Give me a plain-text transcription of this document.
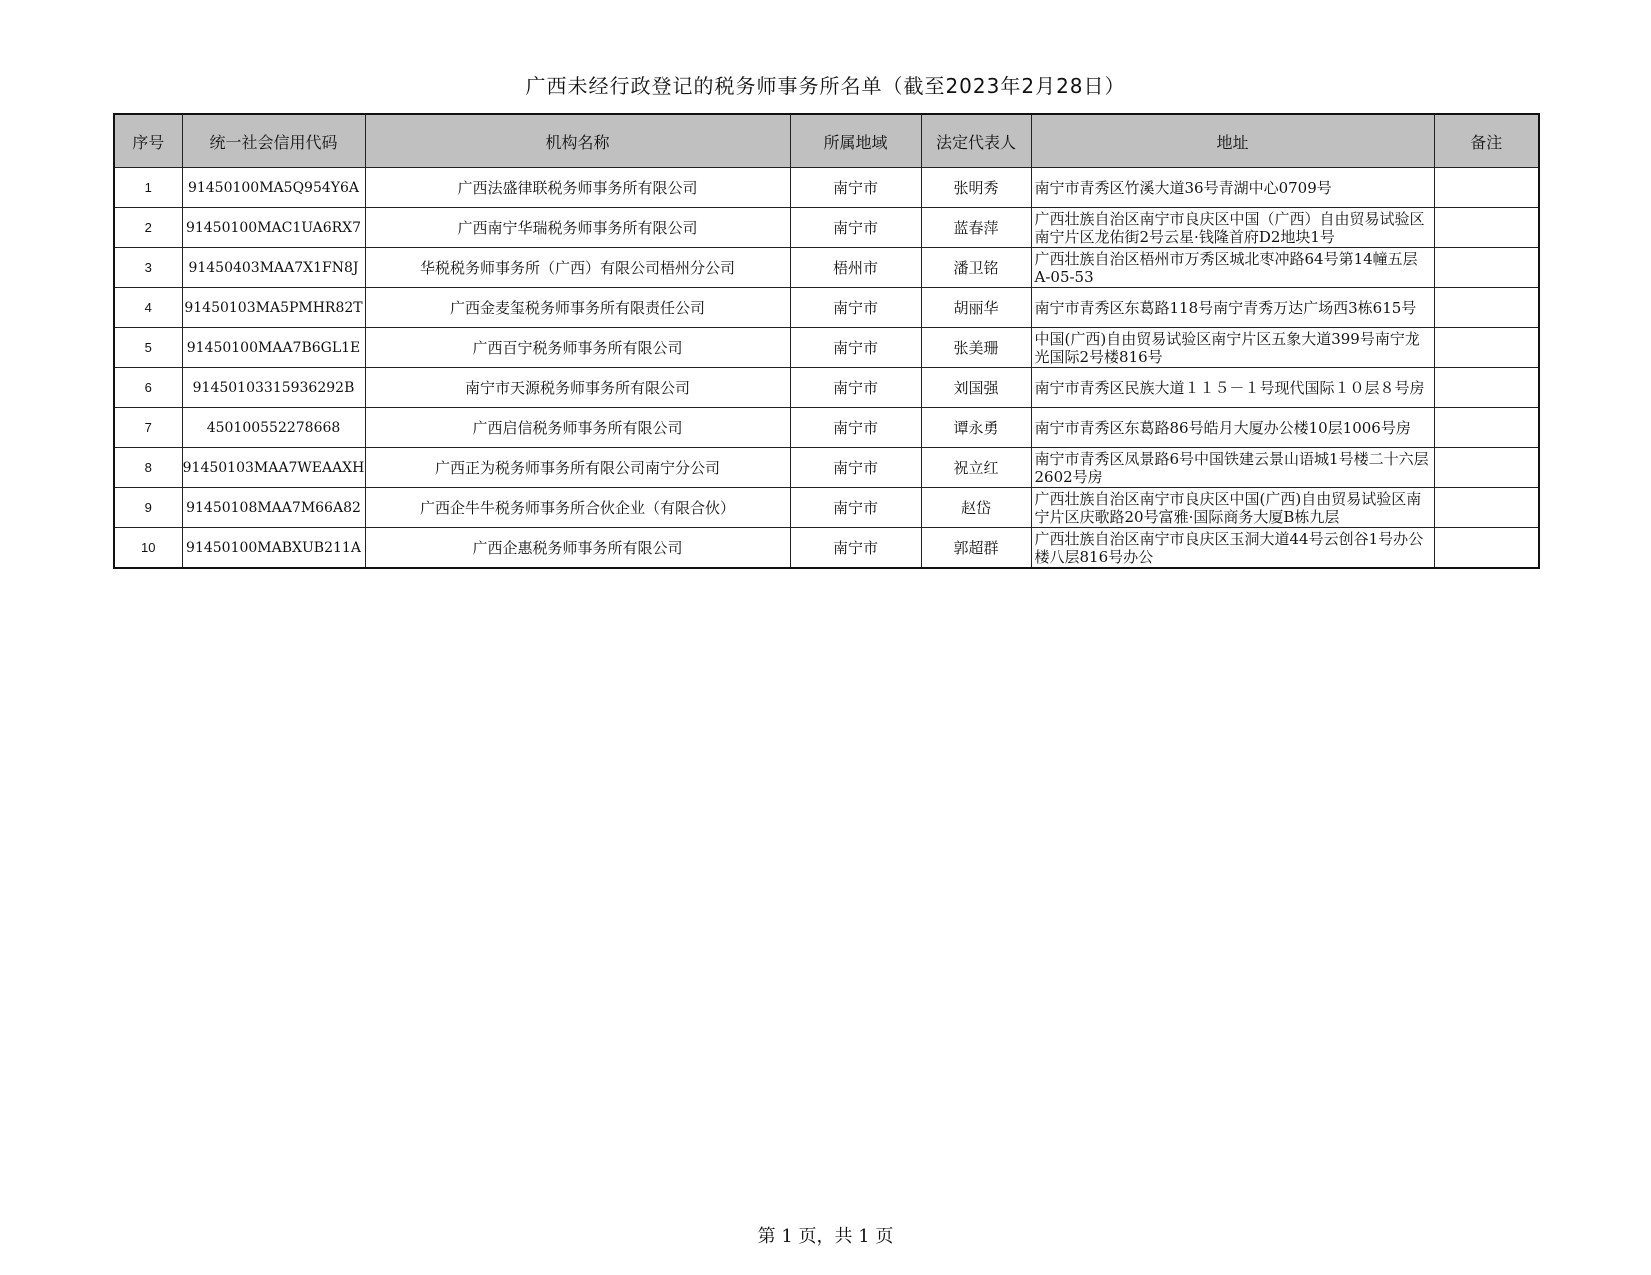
广西未经行政登记的税务师事务所名单（截至2023年2月28日）
序号	统一社会信用代码	机构名称	所属地域	法定代表人	地址	备注
1	91450100MA5Q954Y6A	广西法盛律联税务师事务所有限公司	南宁市	张明秀	南宁市青秀区竹溪大道36号青湖中心0709号	
2	91450100MAC1UA6RX7	广西南宁华瑞税务师事务所有限公司	南宁市	蓝春萍	广西壮族自治区南宁市良庆区中国（广西）自由贸易试验区南宁片区龙佑街2号云星·钱隆首府D2地块1号	
3	91450403MAA7X1FN8J	华税税务师事务所（广西）有限公司梧州分公司	梧州市	潘卫铭	广西壮族自治区梧州市万秀区城北枣冲路64号第14幢五层 A-05-53	
4	91450103MA5PMHR82T	广西金麦玺税务师事务所有限责任公司	南宁市	胡丽华	南宁市青秀区东葛路118号南宁青秀万达广场西3栋615号	
5	91450100MAA7B6GL1E	广西百宁税务师事务所有限公司	南宁市	张美珊	中国(广西)自由贸易试验区南宁片区五象大道399号南宁龙光国际2号楼816号	
6	91450103315936292B	南宁市天源税务师事务所有限公司	南宁市	刘国强	南宁市青秀区民族大道１１５－１号现代国际１０层８号房	
7	450100552278668	广西启信税务师事务所有限公司	南宁市	谭永勇	南宁市青秀区东葛路86号皓月大厦办公楼10层1006号房	
8	91450103MAA7WEAAXH	广西正为税务师事务所有限公司南宁分公司	南宁市	祝立红	南宁市青秀区凤景路6号中国铁建云景山语城1号楼二十六层2602号房	
9	91450108MAA7M66A82	广西企牛牛税务师事务所合伙企业（有限合伙）	南宁市	赵岱	广西壮族自治区南宁市良庆区中国(广西)自由贸易试验区南宁片区庆歌路20号富雅·国际商务大厦B栋九层	
10	91450100MABXUB211A	广西企惠税务师事务所有限公司	南宁市	郭超群	广西壮族自治区南宁市良庆区玉洞大道44号云创谷1号办公楼八层816号办公	
第 1 页，共 1 页
